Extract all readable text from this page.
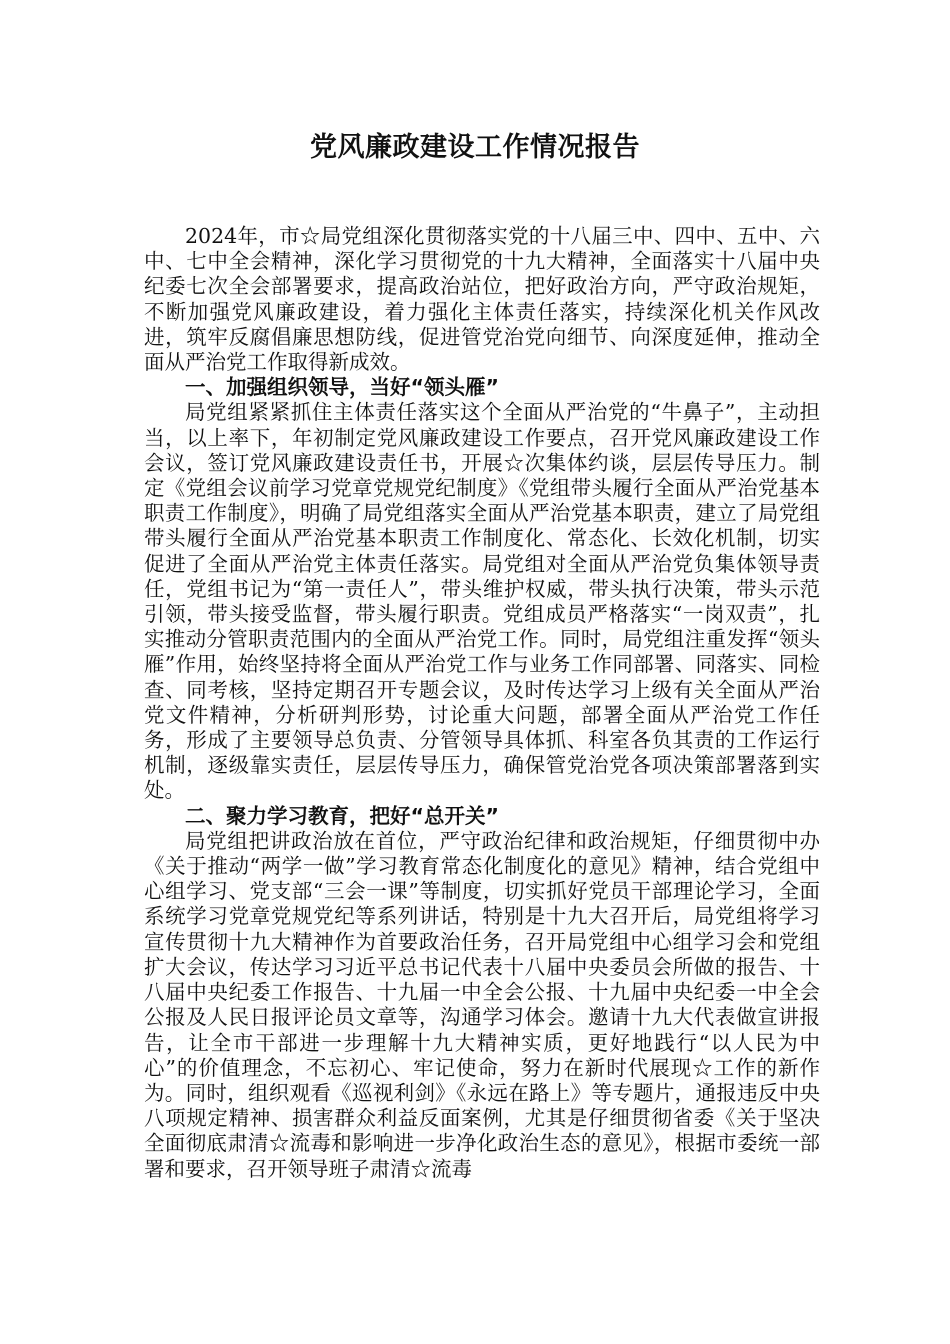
党风廉政建设工作情况报告

2024年，市☆局党组深化贯彻落实党的十八届三中、四中、五中、六中、七中全会精神，深化学习贯彻党的十九大精神，全面落实十八届中央纪委七次全会部署要求，提高政治站位，把好政治方向，严守政治规矩，不断加强党风廉政建设，着力强化主体责任落实，持续深化机关作风改进，筑牢反腐倡廉思想防线，促进管党治党向细节、向深度延伸，推动全面从严治党工作取得新成效。

一、加强组织领导，当好“领头雁”

局党组紧紧抓住主体责任落实这个全面从严治党的“牛鼻子”，主动担当，以上率下，年初制定党风廉政建设工作要点，召开党风廉政建设工作会议，签订党风廉政建设责任书，开展☆次集体约谈，层层传导压力。制定《党组会议前学习党章党规党纪制度》《党组带头履行全面从严治党基本职责工作制度》，明确了局党组落实全面从严治党基本职责，建立了局党组带头履行全面从严治党基本职责工作制度化、常态化、长效化机制，切实促进了全面从严治党主体责任落实。局党组对全面从严治党负集体领导责任，党组书记为“第一责任人”，带头维护权威，带头执行决策，带头示范引领，带头接受监督，带头履行职责。党组成员严格落实“一岗双责”，扎实推动分管职责范围内的全面从严治党工作。同时，局党组注重发挥“领头雁”作用，始终坚持将全面从严治党工作与业务工作同部署、同落实、同检查、同考核，坚持定期召开专题会议，及时传达学习上级有关全面从严治党文件精神，分析研判形势，讨论重大问题，部署全面从严治党工作任务，形成了主要领导总负责、分管领导具体抓、科室各负其责的工作运行机制，逐级靠实责任，层层传导压力，确保管党治党各项决策部署落到实处。

二、聚力学习教育，把好“总开关”

局党组把讲政治放在首位，严守政治纪律和政治规矩，仔细贯彻中办《关于推动“两学一做”学习教育常态化制度化的意见》精神，结合党组中心组学习、党支部“三会一课”等制度，切实抓好党员干部理论学习，全面系统学习党章党规党纪等系列讲话，特别是十九大召开后，局党组将学习宣传贯彻十九大精神作为首要政治任务，召开局党组中心组学习会和党组扩大会议，传达学习习近平总书记代表十八届中央委员会所做的报告、十八届中央纪委工作报告、十九届一中全会公报、十九届中央纪委一中全会公报及人民日报评论员文章等，沟通学习体会。邀请十九大代表做宣讲报告，让全市干部进一步理解十九大精神实质，更好地践行“以人民为中心”的价值理念，不忘初心、牢记使命，努力在新时代展现☆工作的新作为。同时，组织观看《巡视利剑》《永远在路上》等专题片，通报违反中央八项规定精神、损害群众利益反面案例，尤其是仔细贯彻省委《关于坚决全面彻底肃清☆流毒和影响进一步净化政治生态的意见》，根据市委统一部署和要求，召开领导班子肃清☆流毒
